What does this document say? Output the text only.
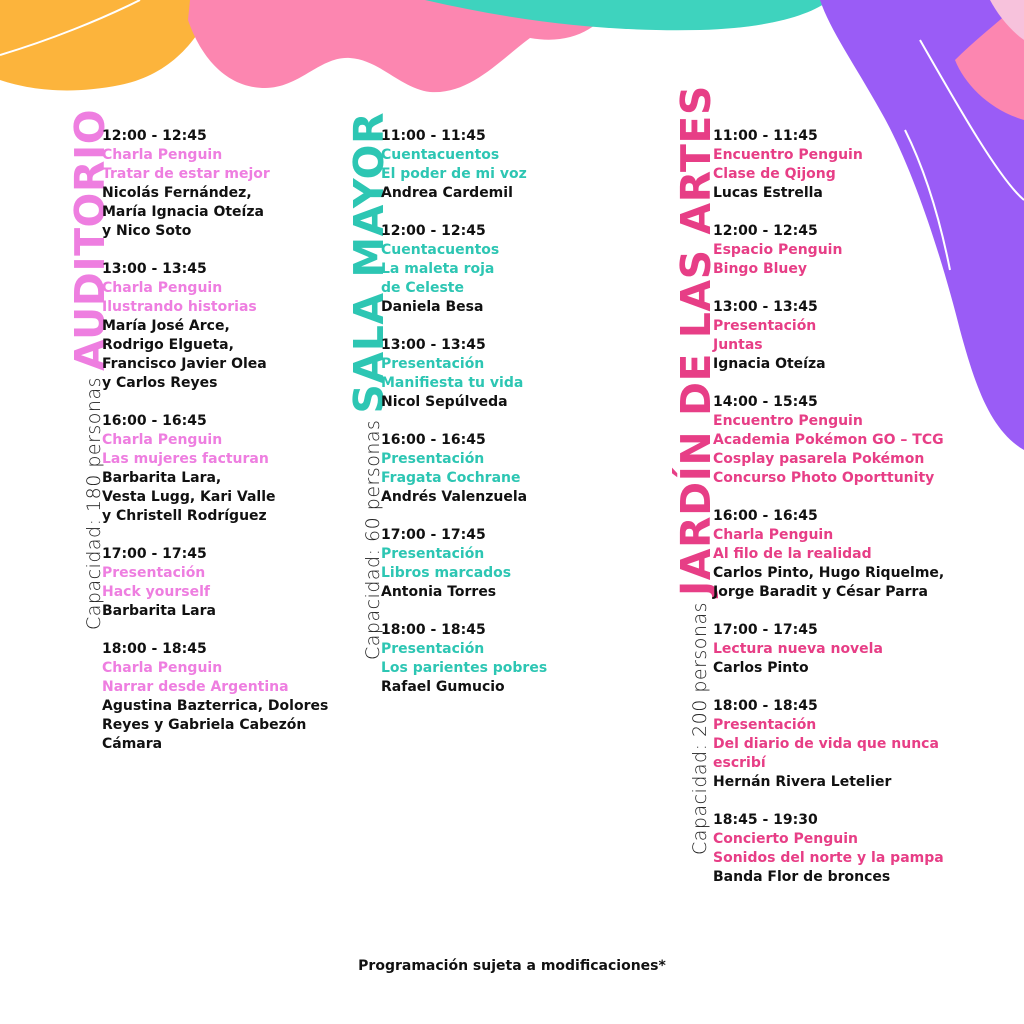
Capacidad: 180 personasAUDITORIO
Capacidad: 60 personasSALA MAYOR
Capacidad: 200 personasJARDÍN DE LAS ARTES
12:00 - 12:45
Charla Penguin
Tratar de estar mejor
Nicolás Fernández,
María Ignacia Oteíza
y Nico Soto
13:00 - 13:45
Charla Penguin
Ilustrando historias
María José Arce,
Rodrigo Elgueta,
Francisco Javier Olea
y Carlos Reyes
16:00 - 16:45
Charla Penguin
Las mujeres facturan
Barbarita Lara,
Vesta Lugg, Kari Valle
y Christell Rodríguez
17:00 - 17:45
Presentación
Hack yourself
Barbarita Lara
18:00 - 18:45
Charla Penguin
Narrar desde Argentina
Agustina Bazterrica, Dolores
Reyes y Gabriela Cabezón
Cámara
11:00 - 11:45
Cuentacuentos
El poder de mi voz
Andrea Cardemil
12:00 - 12:45
Cuentacuentos
La maleta roja
de Celeste
Daniela Besa
13:00 - 13:45
Presentación
Manifiesta tu vida
Nicol Sepúlveda
16:00 - 16:45
Presentación
Fragata Cochrane
Andrés Valenzuela
17:00 - 17:45
Presentación
Libros marcados
Antonia Torres
18:00 - 18:45
Presentación
Los parientes pobres
Rafael Gumucio
11:00 - 11:45
Encuentro Penguin
Clase de Qijong
Lucas Estrella
12:00 - 12:45
Espacio Penguin
Bingo Bluey
13:00 - 13:45
Presentación
Juntas
Ignacia Oteíza
14:00 - 15:45
Encuentro Penguin
Academia Pokémon GO – TCG
Cosplay pasarela Pokémon
Concurso Photo Oporttunity
16:00 - 16:45
Charla Penguin
Al filo de la realidad
Carlos Pinto, Hugo Riquelme,
Jorge Baradit y César Parra
17:00 - 17:45
Lectura nueva novela
Carlos Pinto
18:00 - 18:45
Presentación
Del diario de vida que nunca
escribí
Hernán Rivera Letelier
18:45 - 19:30
Concierto Penguin
Sonidos del norte y la pampa
Banda Flor de bronces
Programación sujeta a modificaciones*
